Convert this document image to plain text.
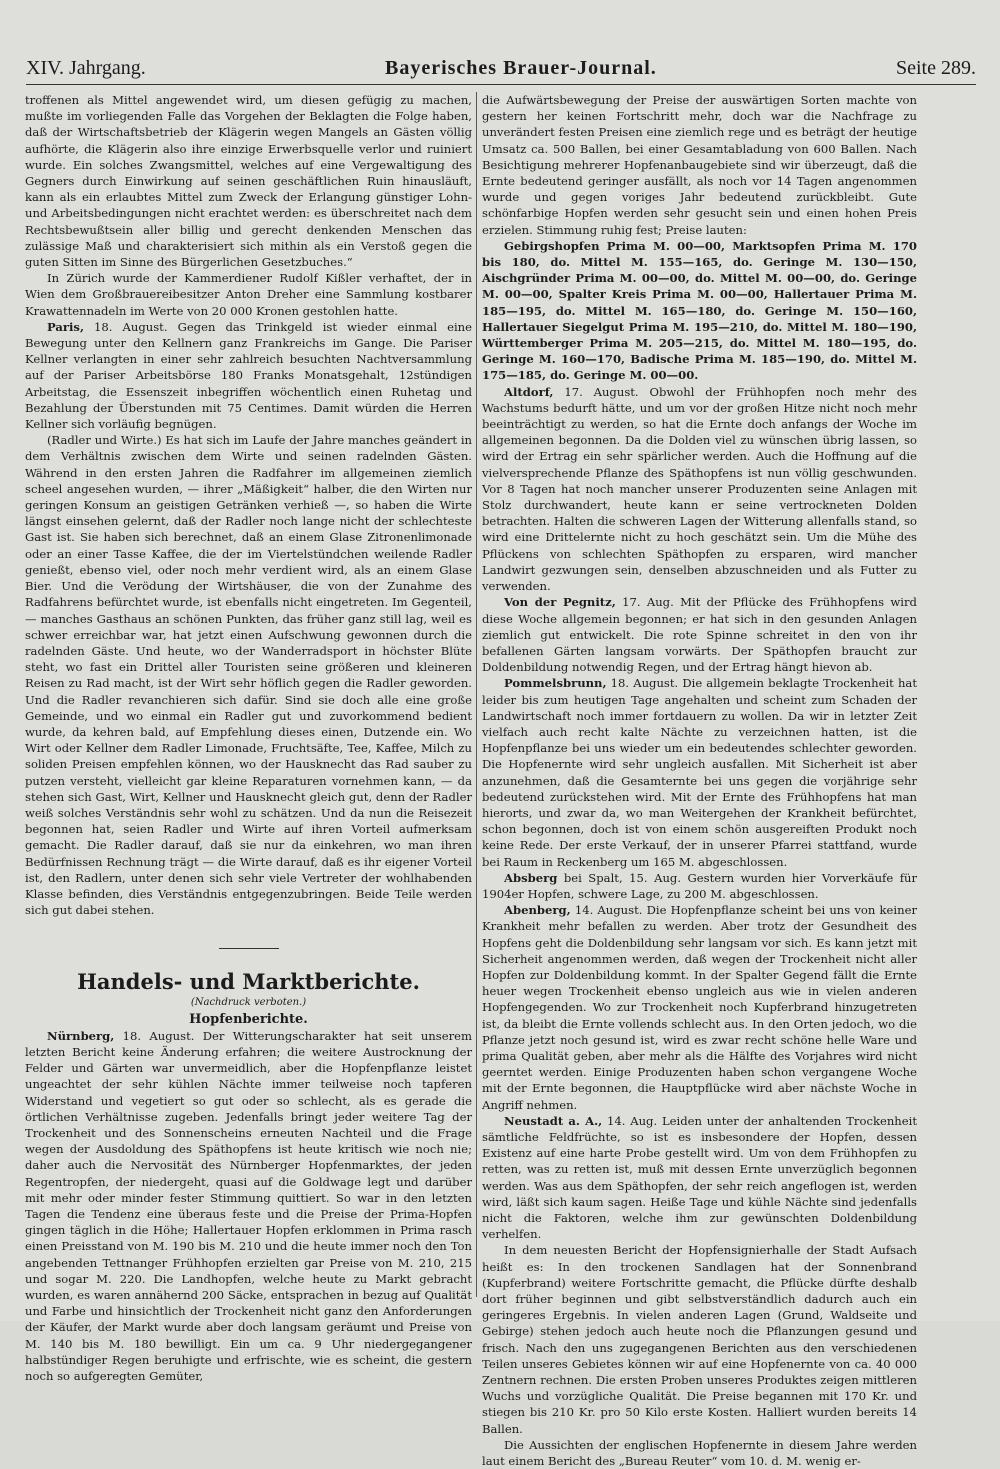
XIV. Jahrgang.	Bayerisches Brauer-Journal.	Seite 289.

troffenen als Mittel angewendet wird, um diesen gefügig zu machen, mußte im vorliegenden Falle das Vorgehen der Beklagten die Folge haben, daß der Wirtschaftsbetrieb der Klägerin wegen Mangels an Gästen völlig aufhörte, die Klägerin also ihre einzige Erwerbsquelle verlor und ruiniert wurde. Ein solches Zwangsmittel, welches auf eine Vergewaltigung des Gegners durch Einwirkung auf seinen geschäftlichen Ruin hinausläuft, kann als ein erlaubtes Mittel zum Zweck der Erlangung günstiger Lohn- und Arbeitsbedingungen nicht erachtet werden: es überschreitet nach dem Rechtsbewußtsein aller billig und gerecht denkenden Menschen das zulässige Maß und charakterisiert sich mithin als ein Verstoß gegen die guten Sitten im Sinne des Bürgerlichen Gesetzbuches.“

In Zürich wurde der Kammerdiener Rudolf Kißler verhaftet, der in Wien dem Großbrauereibesitzer Anton Dreher eine Sammlung kostbarer Krawattennadeln im Werte von 20 000 Kronen gestohlen hatte.

Paris, 18. August. Gegen das Trinkgeld ist wieder einmal eine Bewegung unter den Kellnern ganz Frankreichs im Gange. Die Pariser Kellner verlangten in einer sehr zahlreich besuchten Nachtversammlung auf der Pariser Arbeitsbörse 180 Franks Monatsgehalt, 12stündigen Arbeitstag, die Essenszeit inbegriffen wöchentlich einen Ruhetag und Bezahlung der Überstunden mit 75 Centimes. Damit würden die Herren Kellner sich vorläufig begnügen.

(Radler und Wirte.) Es hat sich im Laufe der Jahre manches geändert in dem Verhältnis zwischen dem Wirte und seinen radelnden Gästen. Während in den ersten Jahren die Radfahrer im allgemeinen ziemlich scheel angesehen wurden, — ihrer „Mäßigkeit“ halber, die den Wirten nur geringen Konsum an geistigen Getränken verhieß —, so haben die Wirte längst einsehen gelernt, daß der Radler noch lange nicht der schlechteste Gast ist. Sie haben sich berechnet, daß an einem Glase Zitronenlimonade oder an einer Tasse Kaffee, die der im Viertelstündchen weilende Radler genießt, ebenso viel, oder noch mehr verdient wird, als an einem Glase Bier. Und die Verödung der Wirtshäuser, die von der Zunahme des Radfahrens befürchtet wurde, ist ebenfalls nicht eingetreten. Im Gegenteil, — manches Gasthaus an schönen Punkten, das früher ganz still lag, weil es schwer erreichbar war, hat jetzt einen Aufschwung gewonnen durch die radelnden Gäste. Und heute, wo der Wanderradsport in höchster Blüte steht, wo fast ein Drittel aller Touristen seine größeren und kleineren Reisen zu Rad macht, ist der Wirt sehr höflich gegen die Radler geworden. Und die Radler revanchieren sich dafür. Sind sie doch alle eine große Gemeinde, und wo einmal ein Radler gut und zuvorkommend bedient wurde, da kehren bald, auf Empfehlung dieses einen, Dutzende ein. Wo Wirt oder Kellner dem Radler Limonade, Fruchtsäfte, Tee, Kaffee, Milch zu soliden Preisen empfehlen können, wo der Hausknecht das Rad sauber zu putzen versteht, vielleicht gar kleine Reparaturen vornehmen kann, — da stehen sich Gast, Wirt, Kellner und Hausknecht gleich gut, denn der Radler weiß solches Verständnis sehr wohl zu schätzen. Und da nun die Reisezeit begonnen hat, seien Radler und Wirte auf ihren Vorteil aufmerksam gemacht. Die Radler darauf, daß sie nur da einkehren, wo man ihren Bedürfnissen Rechnung trägt — die Wirte darauf, daß es ihr eigener Vorteil ist, den Radlern, unter denen sich sehr viele Vertreter der wohlhabenden Klasse befinden, dies Verständnis entgegenzubringen. Beide Teile werden sich gut dabei stehen.

Handels- und Marktberichte.

(Nachdruck verboten.)

Hopfenberichte.

Nürnberg, 18. August. Der Witterungscharakter hat seit unserem letzten Bericht keine Änderung erfahren; die weitere Austrocknung der Felder und Gärten war unvermeidlich, aber die Hopfenpflanze leistet ungeachtet der sehr kühlen Nächte immer teilweise noch tapferen Widerstand und vegetiert so gut oder so schlecht, als es gerade die örtlichen Verhältnisse zugeben. Jedenfalls bringt jeder weitere Tag der Trockenheit und des Sonnenscheins erneuten Nachteil und die Frage wegen der Ausdoldung des Späthopfens ist heute kritisch wie noch nie; daher auch die Nervosität des Nürnberger Hopfenmarktes, der jeden Regentropfen, der niedergeht, quasi auf die Goldwage legt und darüber mit mehr oder minder fester Stimmung quittiert. So war in den letzten Tagen die Tendenz eine überaus feste und die Preise der Prima-Hopfen gingen täglich in die Höhe; Hallertauer Hopfen erklommen in Prima rasch einen Preisstand von M. 190 bis M. 210 und die heute immer noch den Ton angebenden Tettnanger Frühhopfen erzielten gar Preise von M. 210, 215 und sogar M. 220. Die Landhopfen, welche heute zu Markt gebracht wurden, es waren annähernd 200 Säcke, entsprachen in bezug auf Qualität und Farbe und hinsichtlich der Trockenheit nicht ganz den Anforderungen der Käufer, der Markt wurde aber doch langsam geräumt und Preise von M. 140 bis M. 180 bewilligt. Ein um ca. 9 Uhr niedergegangener halbstündiger Regen beruhigte und erfrischte, wie es scheint, die gestern noch so aufgeregten Gemüter,

die Aufwärtsbewegung der Preise der auswärtigen Sorten machte von gestern her keinen Fortschritt mehr, doch war die Nachfrage zu unverändert festen Preisen eine ziemlich rege und es beträgt der heutige Umsatz ca. 500 Ballen, bei einer Gesamtabladung von 600 Ballen. Nach Besichtigung mehrerer Hopfenanbaugebiete sind wir überzeugt, daß die Ernte bedeutend geringer ausfällt, als noch vor 14 Tagen angenommen wurde und gegen voriges Jahr bedeutend zurückbleibt. Gute schönfarbige Hopfen werden sehr gesucht sein und einen hohen Preis erzielen. Stimmung ruhig fest; Preise lauten:

Gebirgshopfen Prima M. 00—00, Marktsopfen Prima M. 170 bis 180, do. Mittel M. 155—165, do. Geringe M. 130—150, Aischgründer Prima M. 00—00, do. Mittel M. 00—00, do. Geringe M. 00—00, Spalter Kreis Prima M. 00—00, Hallertauer Prima M. 185—195, do. Mittel M. 165—180, do. Geringe M. 150—160, Hallertauer Siegelgut Prima M. 195—210, do. Mittel M. 180—190, Württemberger Prima M. 205—215, do. Mittel M. 180—195, do. Geringe M. 160—170, Badische Prima M. 185—190, do. Mittel M. 175—185, do. Geringe M. 00—00.

Altdorf, 17. August. Obwohl der Frühhopfen noch mehr des Wachstums bedurft hätte, und um vor der großen Hitze nicht noch mehr beeinträchtigt zu werden, so hat die Ernte doch anfangs der Woche im allgemeinen begonnen. Da die Dolden viel zu wünschen übrig lassen, so wird der Ertrag ein sehr spärlicher werden. Auch die Hoffnung auf die vielversprechende Pflanze des Späthopfens ist nun völlig geschwunden. Vor 8 Tagen hat noch mancher unserer Produzenten seine Anlagen mit Stolz durchwandert, heute kann er seine vertrockneten Dolden betrachten. Halten die schweren Lagen der Witterung allenfalls stand, so wird eine Drittelernte nicht zu hoch geschätzt sein. Um die Mühe des Pflückens von schlechten Späthopfen zu ersparen, wird mancher Landwirt gezwungen sein, denselben abzuschneiden und als Futter zu verwenden.

Von der Pegnitz, 17. Aug. Mit der Pflücke des Frühhopfens wird diese Woche allgemein begonnen; er hat sich in den gesunden Anlagen ziemlich gut entwickelt. Die rote Spinne schreitet in den von ihr befallenen Gärten langsam vorwärts. Der Späthopfen braucht zur Doldenbildung notwendig Regen, und der Ertrag hängt hievon ab.

Pommelsbrunn, 18. August. Die allgemein beklagte Trockenheit hat leider bis zum heutigen Tage angehalten und scheint zum Schaden der Landwirtschaft noch immer fortdauern zu wollen. Da wir in letzter Zeit vielfach auch recht kalte Nächte zu verzeichnen hatten, ist die Hopfenpflanze bei uns wieder um ein bedeutendes schlechter geworden. Die Hopfenernte wird sehr ungleich ausfallen. Mit Sicherheit ist aber anzunehmen, daß die Gesamternte bei uns gegen die vorjährige sehr bedeutend zurückstehen wird. Mit der Ernte des Frühhopfens hat man hierorts, und zwar da, wo man Weitergehen der Krankheit befürchtet, schon begonnen, doch ist von einem schön ausgereiften Produkt noch keine Rede. Der erste Verkauf, der in unserer Pfarrei stattfand, wurde bei Raum in Reckenberg um 165 M. abgeschlossen.

Absberg bei Spalt, 15. Aug. Gestern wurden hier Vorverkäufe für 1904er Hopfen, schwere Lage, zu 200 M. abgeschlossen.

Abenberg, 14. August. Die Hopfenpflanze scheint bei uns von keiner Krankheit mehr befallen zu werden. Aber trotz der Gesundheit des Hopfens geht die Doldenbildung sehr langsam vor sich. Es kann jetzt mit Sicherheit angenommen werden, daß wegen der Trockenheit nicht aller Hopfen zur Doldenbildung kommt. In der Spalter Gegend fällt die Ernte heuer wegen Trockenheit ebenso ungleich aus wie in vielen anderen Hopfengegenden. Wo zur Trockenheit noch Kupferbrand hinzugetreten ist, da bleibt die Ernte vollends schlecht aus. In den Orten jedoch, wo die Pflanze jetzt noch gesund ist, wird es zwar recht schöne helle Ware und prima Qualität geben, aber mehr als die Hälfte des Vorjahres wird nicht geerntet werden. Einige Produzenten haben schon vergangene Woche mit der Ernte begonnen, die Hauptpflücke wird aber nächste Woche in Angriff nehmen.

Neustadt a. A., 14. Aug. Leiden unter der anhaltenden Trockenheit sämtliche Feldfrüchte, so ist es insbesondere der Hopfen, dessen Existenz auf eine harte Probe gestellt wird. Um von dem Frühhopfen zu retten, was zu retten ist, muß mit dessen Ernte unverzüglich begonnen werden. Was aus dem Späthopfen, der sehr reich angeflogen ist, werden wird, läßt sich kaum sagen. Heiße Tage und kühle Nächte sind jedenfalls nicht die Faktoren, welche ihm zur gewünschten Doldenbildung verhelfen.

In dem neuesten Bericht der Hopfensignierhalle der Stadt Aufsach heißt es: In den trockenen Sandlagen hat der Sonnenbrand (Kupferbrand) weitere Fortschritte gemacht, die Pflücke dürfte deshalb dort früher beginnen und gibt selbstverständlich dadurch auch ein geringeres Ergebnis. In vielen anderen Lagen (Grund, Waldseite und Gebirge) stehen jedoch auch heute noch die Pflanzungen gesund und frisch. Nach den uns zugegangenen Berichten aus den verschiedenen Teilen unseres Gebietes können wir auf eine Hopfenernte von ca. 40 000 Zentnern rechnen. Die ersten Proben unseres Produktes zeigen mittleren Wuchs und vorzügliche Qualität. Die Preise begannen mit 170 Kr. und stiegen bis 210 Kr. pro 50 Kilo erste Kosten. Halliert wurden bereits 14 Ballen.

Die Aussichten der englischen Hopfenernte in diesem Jahre werden laut einem Bericht des „Bureau Reuter“ vom 10. d. M. wenig er-
